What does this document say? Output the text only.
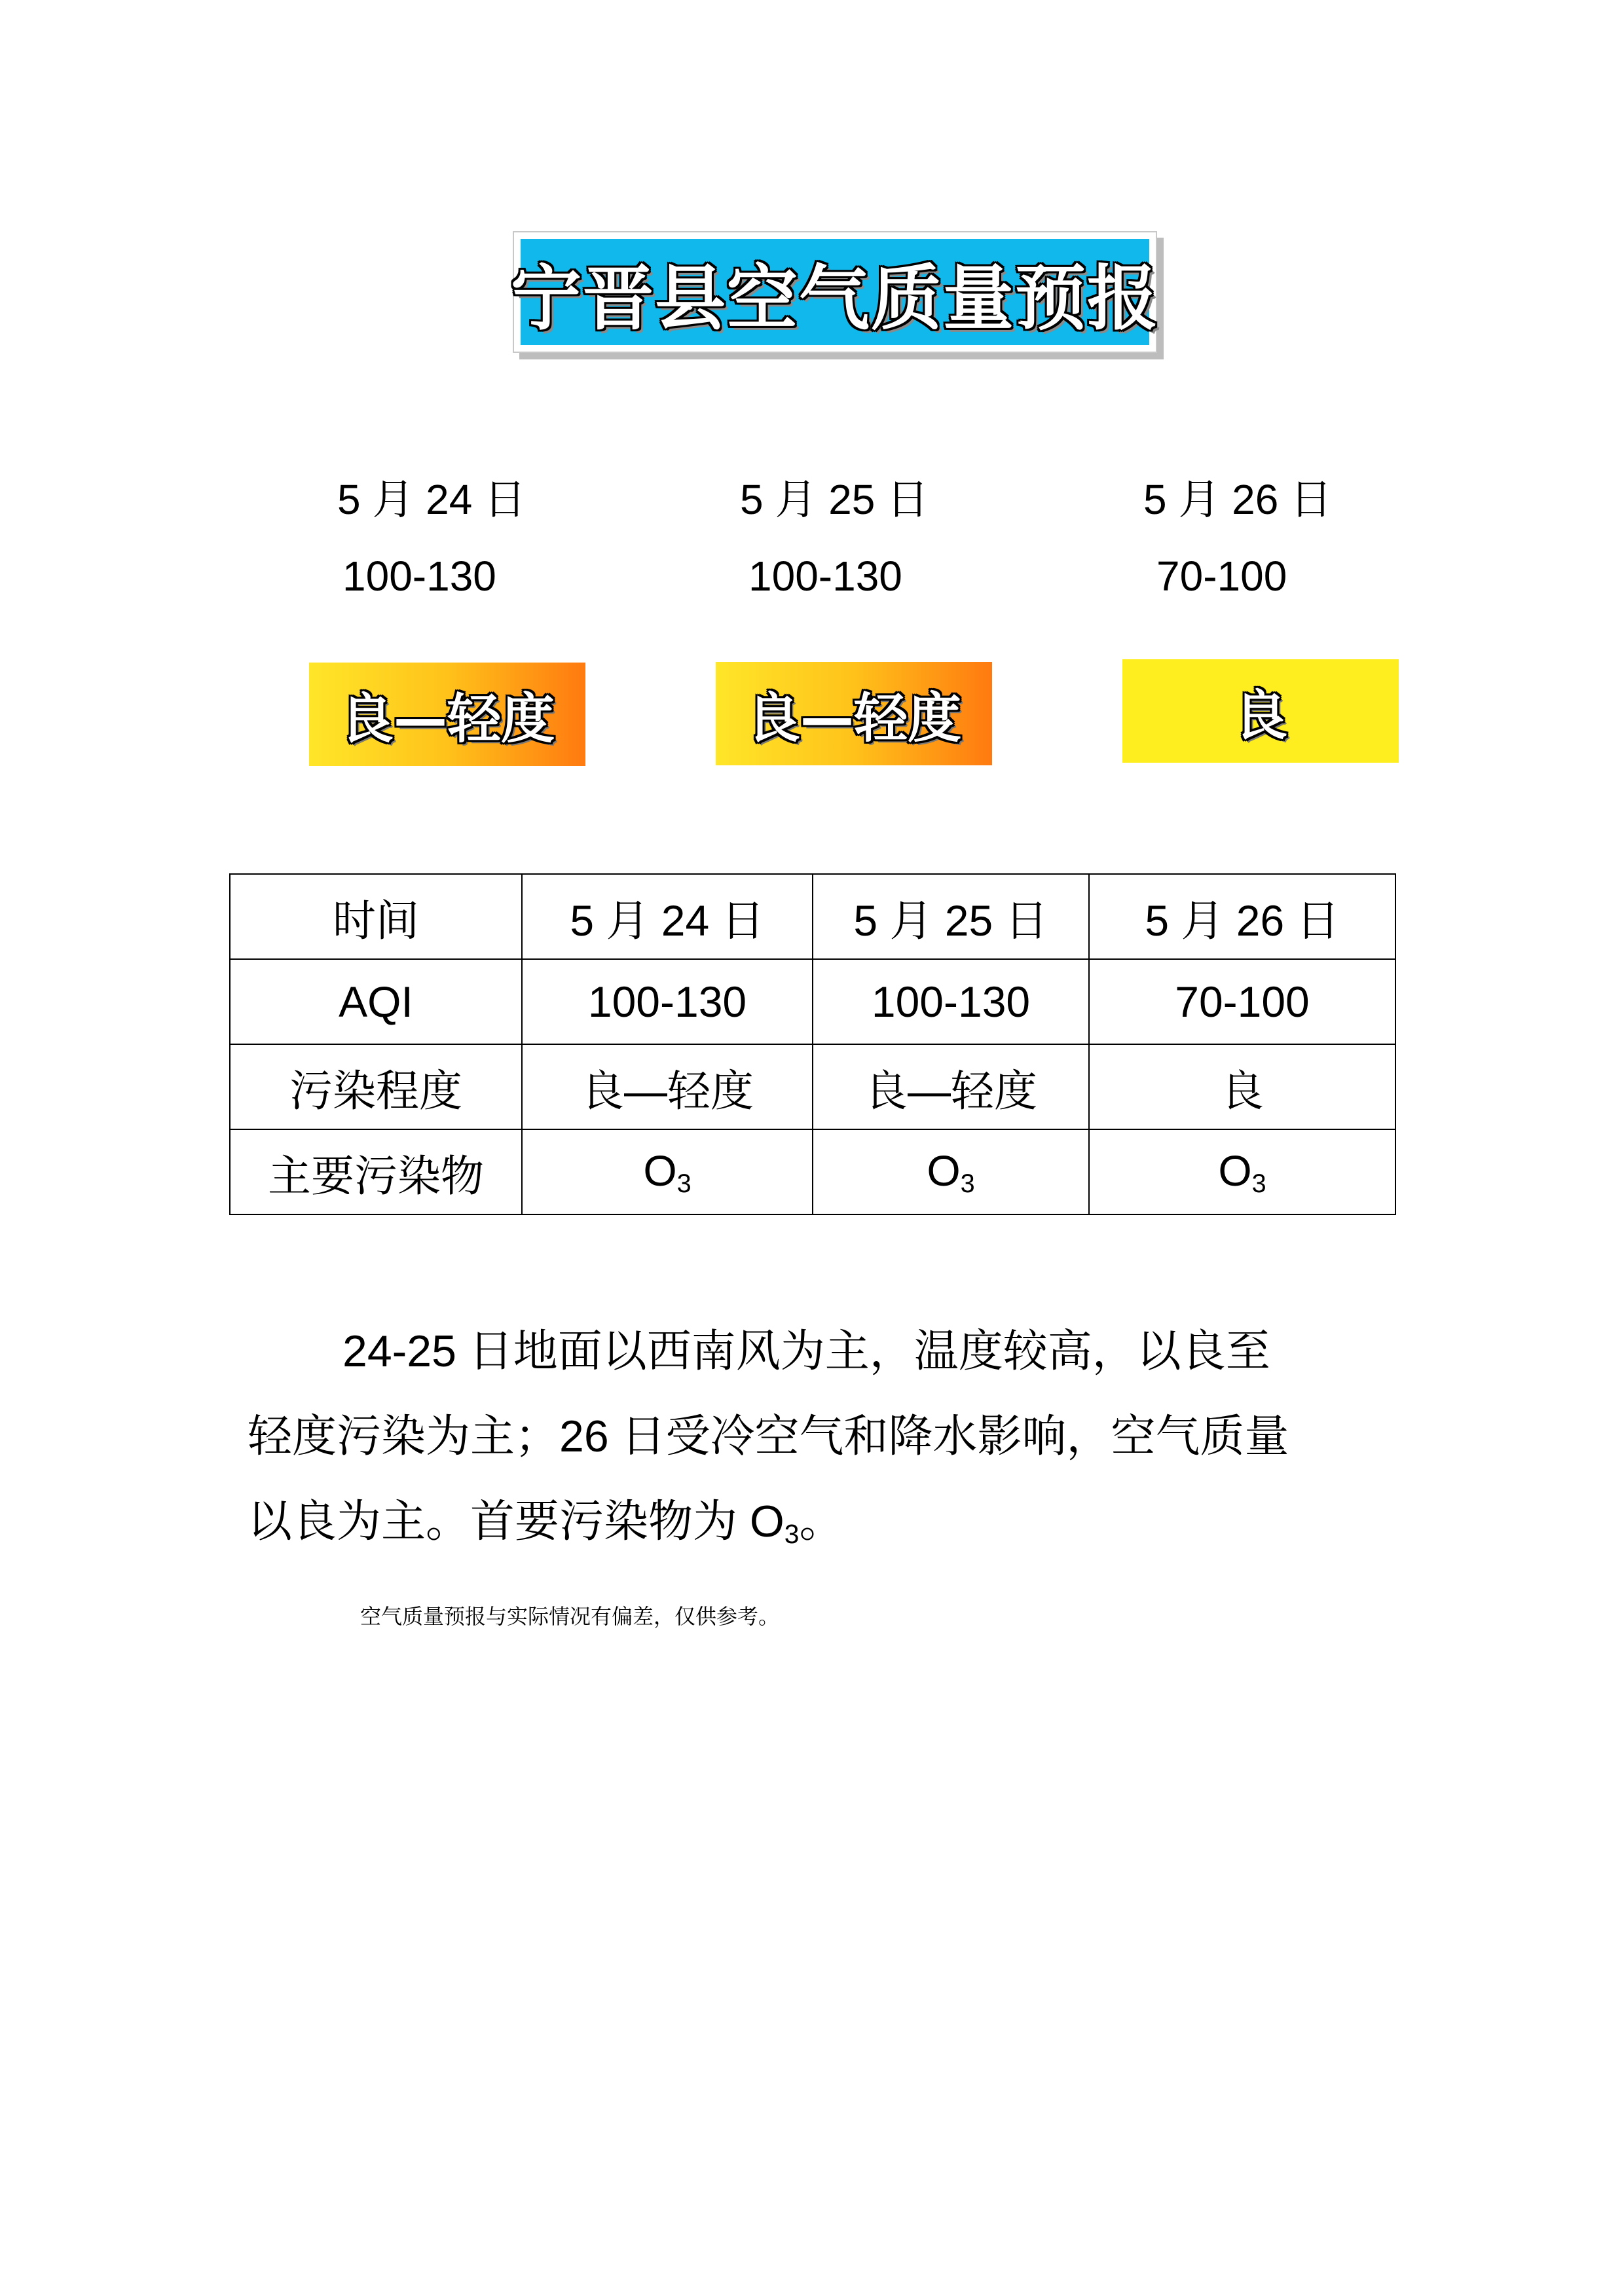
宁晋县空气质量预报
5 月 24 日
100-130
良—轻度
5 月 25 日
100-130
良—轻度
5 月 26 日
70-100
良
时间	5 月 24 日	5 月 25 日	5 月 26 日
AQI	100-130	100-130	70-100
污染程度	良—轻度	良—轻度	良
主要污染物	$O_3$	$O_3$	$O_3$
24-25 日地面以西南风为主，温度较高，以良至
轻度污染为主；26 日受冷空气和降水影响，空气质量
以良为主。首要污染物为 $O_3$。
空气质量预报与实际情况有偏差，仅供参考。
